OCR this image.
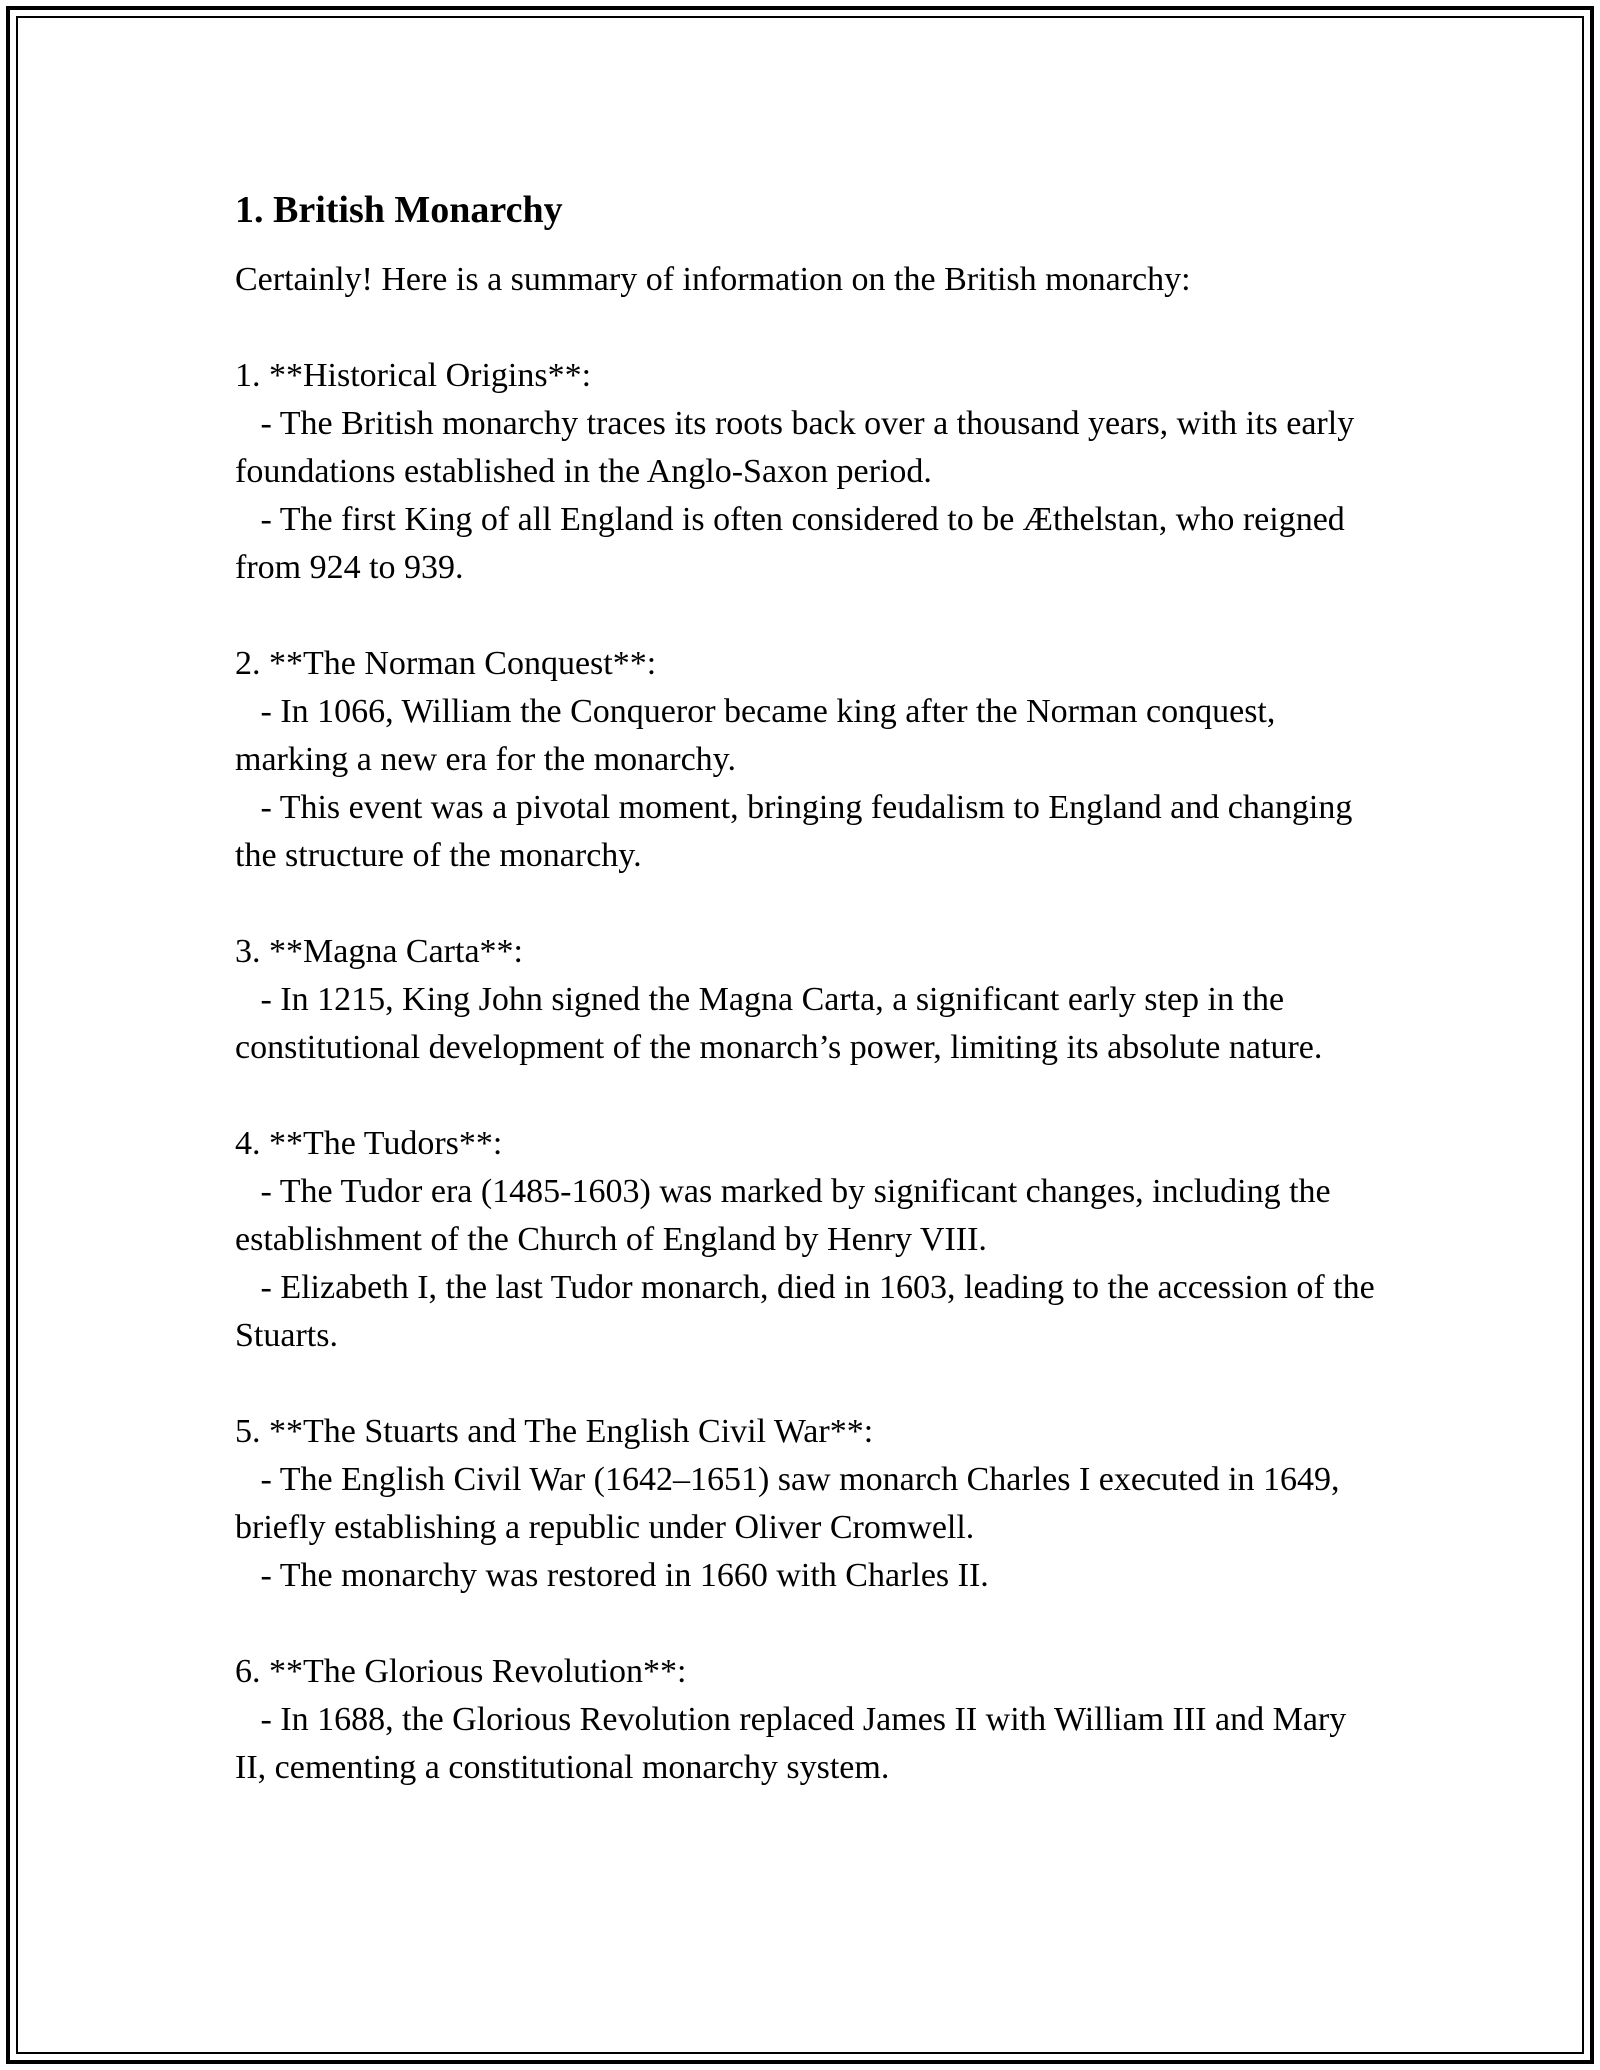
1. British Monarchy

Certainly! Here is a summary of information on the British monarchy:

1. **Historical Origins**:

- The British monarchy traces its roots back over a thousand years, with its early foundations established in the Anglo-Saxon period.

- The first King of all England is often considered to be Æthelstan, who reigned from 924 to 939.

2. **The Norman Conquest**:

- In 1066, William the Conqueror became king after the Norman conquest, marking a new era for the monarchy.

- This event was a pivotal moment, bringing feudalism to England and changing the structure of the monarchy.

3. **Magna Carta**:

- In 1215, King John signed the Magna Carta, a significant early step in the constitutional development of the monarch’s power, limiting its absolute nature.

4. **The Tudors**:

- The Tudor era (1485-1603) was marked by significant changes, including the establishment of the Church of England by Henry VIII.

- Elizabeth I, the last Tudor monarch, died in 1603, leading to the accession of the Stuarts.

5. **The Stuarts and The English Civil War**:

- The English Civil War (1642–1651) saw monarch Charles I executed in 1649, briefly establishing a republic under Oliver Cromwell.

- The monarchy was restored in 1660 with Charles II.

6. **The Glorious Revolution**:

- In 1688, the Glorious Revolution replaced James II with William III and Mary II, cementing a constitutional monarchy system.
